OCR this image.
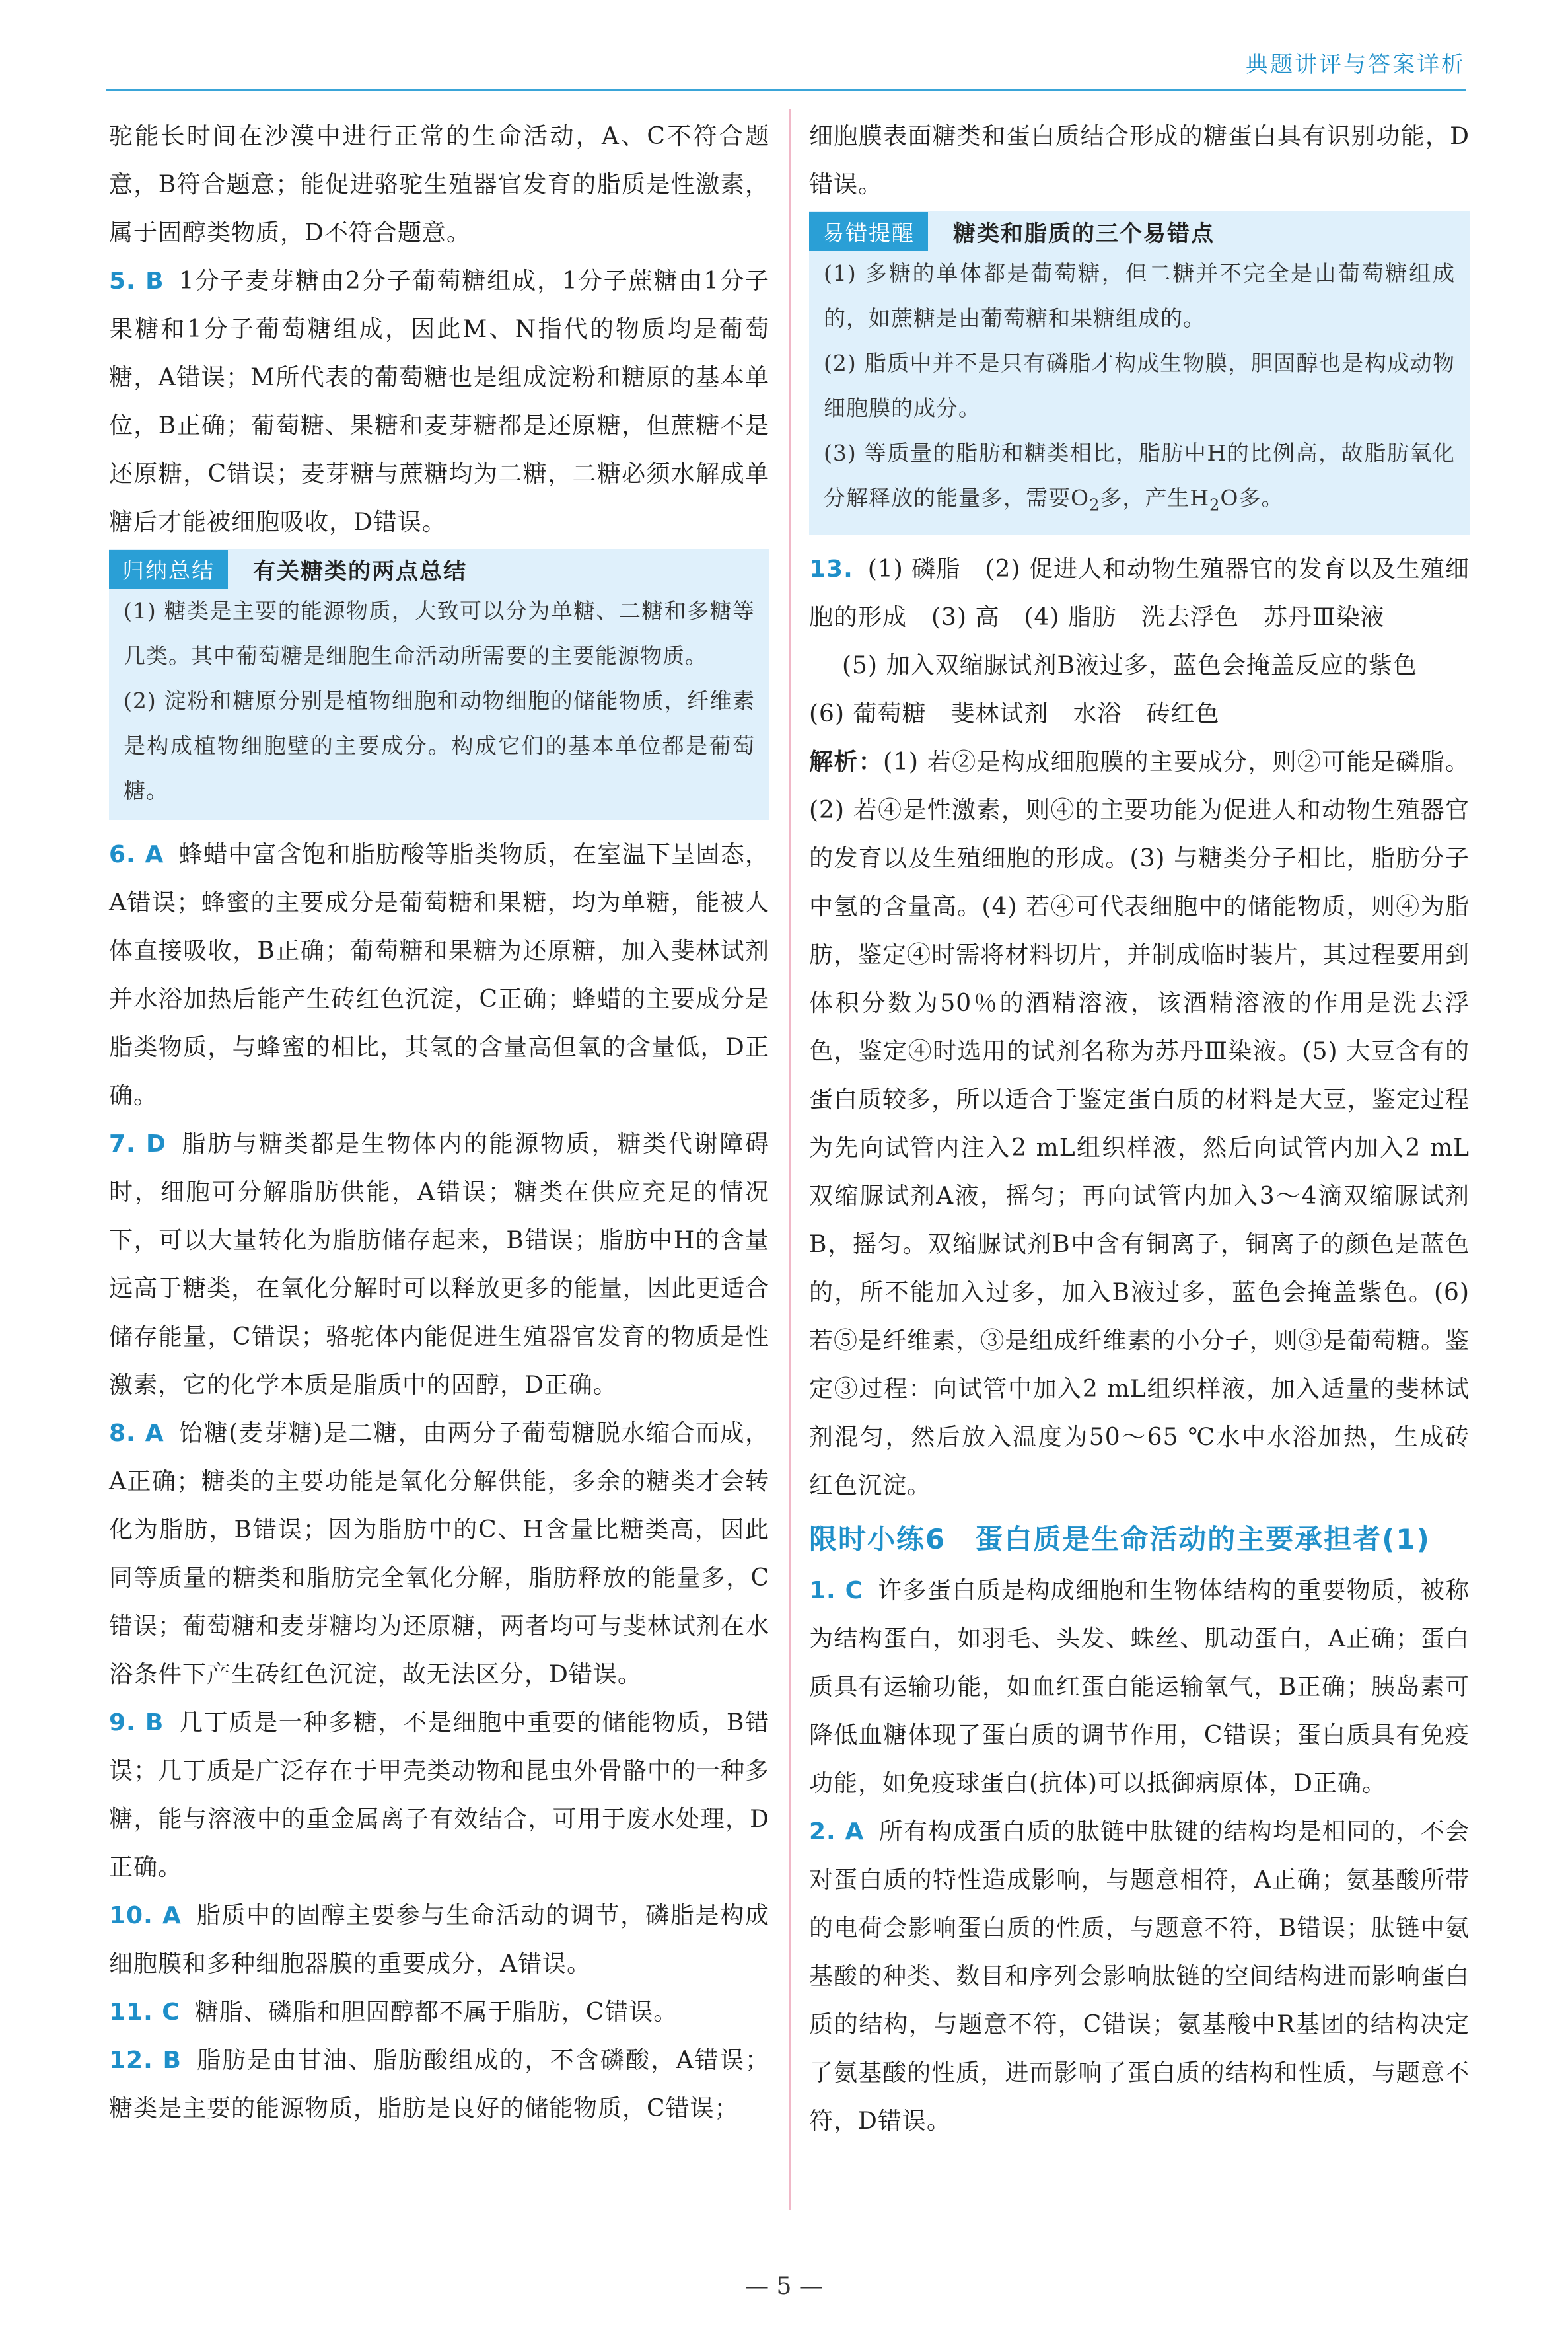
典题讲评与答案详析

驼能长时间在沙漠中进行正常的生命活动，A、C不符合题意，B符合题意；能促进骆驼生殖器官发育的脂质是性激素，属于固醇类物质，D不符合题意。

5. B 1分子麦芽糖由2分子葡萄糖组成，1分子蔗糖由1分子果糖和1分子葡萄糖组成，因此M、N指代的物质均是葡萄糖，A错误；M所代表的葡萄糖也是组成淀粉和糖原的基本单位，B正确；葡萄糖、果糖和麦芽糖都是还原糖，但蔗糖不是还原糖，C错误；麦芽糖与蔗糖均为二糖，二糖必须水解成单糖后才能被细胞吸收，D错误。

归纳总结	有关糖类的两点总结

(1) 糖类是主要的能源物质，大致可以分为单糖、二糖和多糖等几类。其中葡萄糖是细胞生命活动所需要的主要能源物质。

(2) 淀粉和糖原分别是植物细胞和动物细胞的储能物质，纤维素是构成植物细胞壁的主要成分。构成它们的基本单位都是葡萄糖。

6. A 蜂蜡中富含饱和脂肪酸等脂类物质，在室温下呈固态，A错误；蜂蜜的主要成分是葡萄糖和果糖，均为单糖，能被人体直接吸收，B正确；葡萄糖和果糖为还原糖，加入斐林试剂并水浴加热后能产生砖红色沉淀，C正确；蜂蜡的主要成分是脂类物质，与蜂蜜的相比，其氢的含量高但氧的含量低，D正确。

7. D 脂肪与糖类都是生物体内的能源物质，糖类代谢障碍时，细胞可分解脂肪供能，A错误；糖类在供应充足的情况下，可以大量转化为脂肪储存起来，B错误；脂肪中H的含量远高于糖类，在氧化分解时可以释放更多的能量，因此更适合储存能量，C错误；骆驼体内能促进生殖器官发育的物质是性激素，它的化学本质是脂质中的固醇，D正确。

8. A 饴糖(麦芽糖)是二糖，由两分子葡萄糖脱水缩合而成，A正确；糖类的主要功能是氧化分解供能，多余的糖类才会转化为脂肪，B错误；因为脂肪中的C、H含量比糖类高，因此同等质量的糖类和脂肪完全氧化分解，脂肪释放的能量多，C错误；葡萄糖和麦芽糖均为还原糖，两者均可与斐林试剂在水浴条件下产生砖红色沉淀，故无法区分，D错误。

9. B 几丁质是一种多糖，不是细胞中重要的储能物质，B错误；几丁质是广泛存在于甲壳类动物和昆虫外骨骼中的一种多糖，能与溶液中的重金属离子有效结合，可用于废水处理，D正确。

10. A 脂质中的固醇主要参与生命活动的调节，磷脂是构成细胞膜和多种细胞器膜的重要成分，A错误。

11. C 糖脂、磷脂和胆固醇都不属于脂肪，C错误。

12. B 脂肪是由甘油、脂肪酸组成的，不含磷酸，A错误；糖类是主要的能源物质，脂肪是良好的储能物质，C错误；

细胞膜表面糖类和蛋白质结合形成的糖蛋白具有识别功能，D错误。

易错提醒	糖类和脂质的三个易错点

(1) 多糖的单体都是葡萄糖，但二糖并不完全是由葡萄糖组成的，如蔗糖是由葡萄糖和果糖组成的。

(2) 脂质中并不是只有磷脂才构成生物膜，胆固醇也是构成动物细胞膜的成分。

(3) 等质量的脂肪和糖类相比，脂肪中H的比例高，故脂肪氧化分解释放的能量多，需要$O_2$多，产生$H_2O$多。

13. (1) 磷脂　(2) 促进人和动物生殖器官的发育以及生殖细胞的形成　(3) 高　(4) 脂肪　洗去浮色　苏丹Ⅲ染液

(5) 加入双缩脲试剂B液过多，蓝色会掩盖反应的紫色

(6) 葡萄糖　斐林试剂　水浴　砖红色

解析：(1) 若②是构成细胞膜的主要成分，则②可能是磷脂。(2) 若④是性激素，则④的主要功能为促进人和动物生殖器官的发育以及生殖细胞的形成。(3) 与糖类分子相比，脂肪分子中氢的含量高。(4) 若④可代表细胞中的储能物质，则④为脂肪，鉴定④时需将材料切片，并制成临时装片，其过程要用到体积分数为50％的酒精溶液，该酒精溶液的作用是洗去浮色，鉴定④时选用的试剂名称为苏丹Ⅲ染液。(5) 大豆含有的蛋白质较多，所以适合于鉴定蛋白质的材料是大豆，鉴定过程为先向试管内注入2 mL组织样液，然后向试管内加入2 mL双缩脲试剂A液，摇匀；再向试管内加入3～4滴双缩脲试剂B，摇匀。双缩脲试剂B中含有铜离子，铜离子的颜色是蓝色的，所不能加入过多，加入B液过多，蓝色会掩盖紫色。(6) 若⑤是纤维素，③是组成纤维素的小分子，则③是葡萄糖。鉴定③过程：向试管中加入2 mL组织样液，加入适量的斐林试剂混匀，然后放入温度为50～65 ℃水中水浴加热，生成砖红色沉淀。

限时小练6　蛋白质是生命活动的主要承担者(1)

1. C 许多蛋白质是构成细胞和生物体结构的重要物质，被称为结构蛋白，如羽毛、头发、蛛丝、肌动蛋白，A正确；蛋白质具有运输功能，如血红蛋白能运输氧气，B正确；胰岛素可降低血糖体现了蛋白质的调节作用，C错误；蛋白质具有免疫功能，如免疫球蛋白(抗体)可以抵御病原体，D正确。

2. A 所有构成蛋白质的肽链中肽键的结构均是相同的，不会对蛋白质的特性造成影响，与题意相符，A正确；氨基酸所带的电荷会影响蛋白质的性质，与题意不符，B错误；肽链中氨基酸的种类、数目和序列会影响肽链的空间结构进而影响蛋白质的结构，与题意不符，C错误；氨基酸中R基团的结构决定了氨基酸的性质，进而影响了蛋白质的结构和性质，与题意不符，D错误。

— 5 —
